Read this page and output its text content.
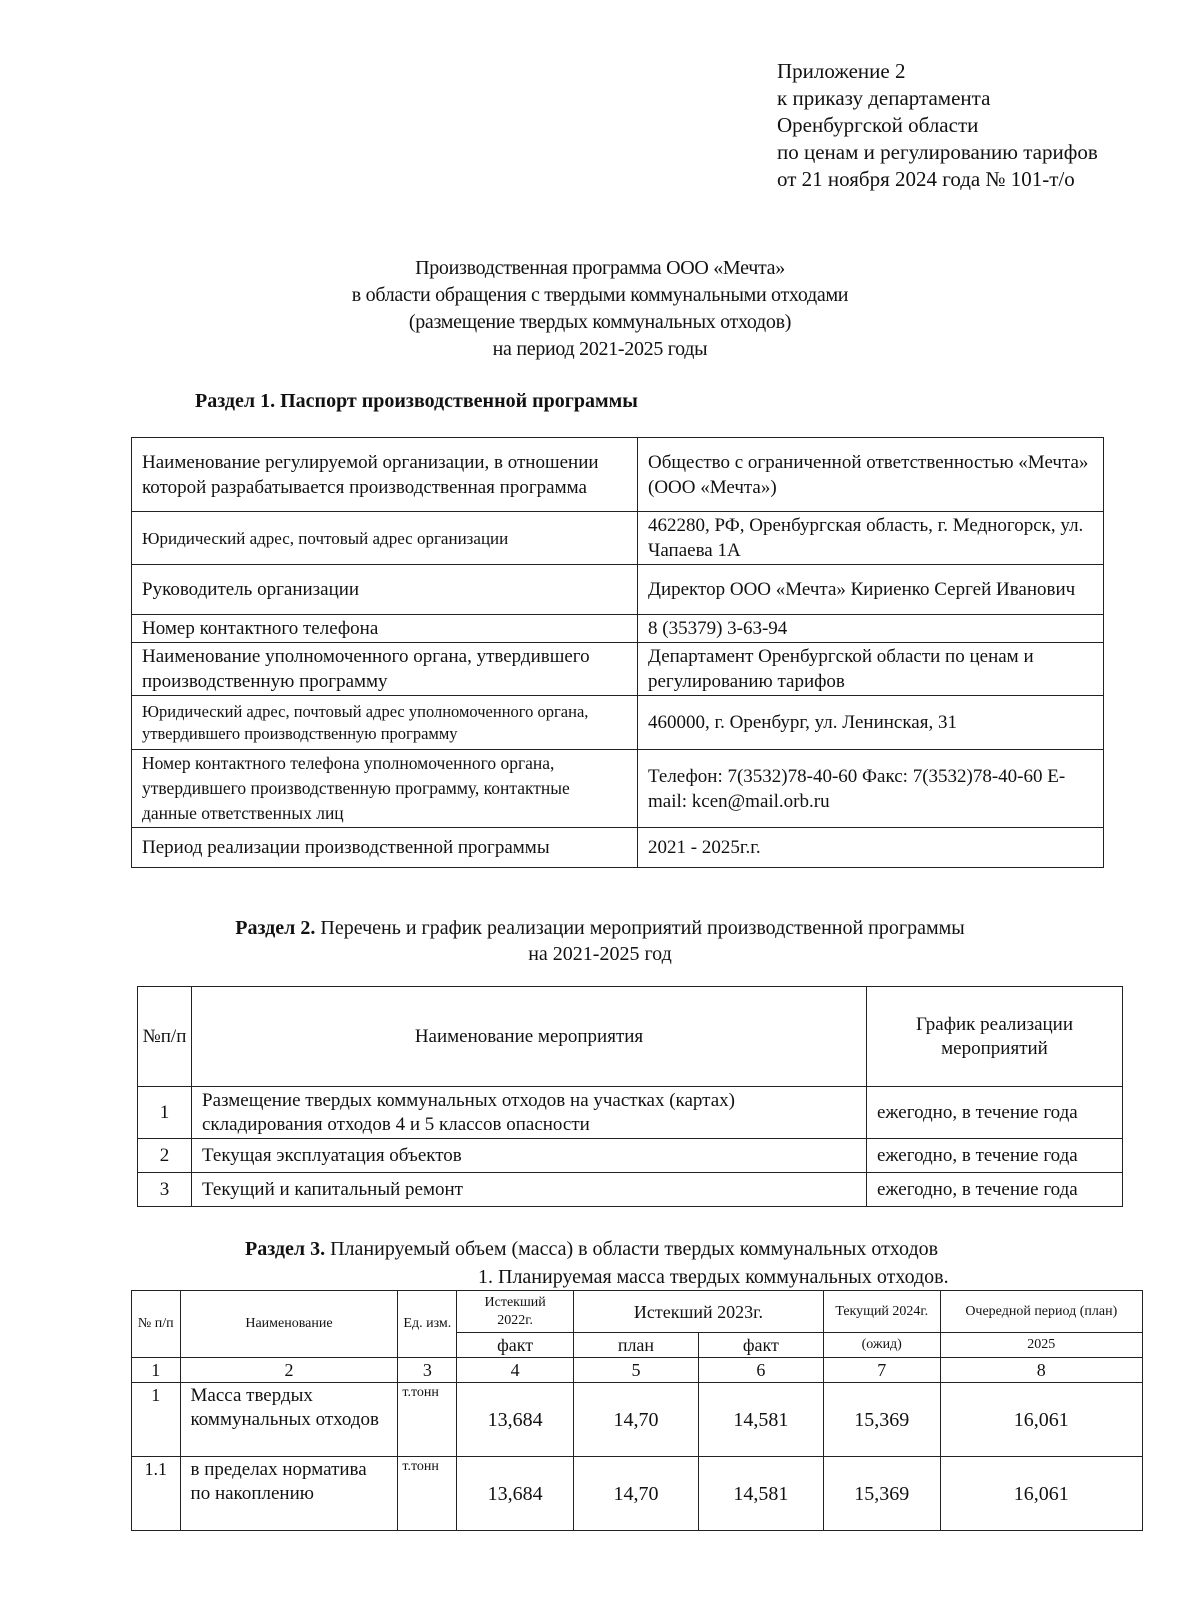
Приложение 2
к приказу департамента
Оренбургской области
по ценам и регулированию тарифов
от 21 ноября 2024 года № 101-т/о
Производственная программа ООО «Мечта»
в области обращения с твердыми коммунальными отходами
(размещение твердых коммунальных отходов)
на период 2021-2025 годы
Раздел 1. Паспорт производственной программы
Наименование регулируемой организации, в отношении которой разрабатывается производственная программа	Общество с ограниченной ответственностью «Мечта» (ООО «Мечта»)
Юридический адрес, почтовый адрес организации	462280, РФ, Оренбургская область, г. Медногорск, ул. Чапаева 1А
Руководитель организации	Директор ООО «Мечта» Кириенко Сергей Иванович
Номер контактного телефона	8 (35379) 3-63-94
Наименование уполномоченного органа, утвердившего производственную программу	Департамент Оренбургской области по ценам и регулированию тарифов
Юридический адрес, почтовый адрес уполномоченного органа, утвердившего производственную программу	460000, г. Оренбург, ул. Ленинская, 31
Номер контактного телефона уполномоченного органа, утвердившего производственную программу, контактные данные ответственных лиц	Телефон: 7(3532)78-40-60 Факс: 7(3532)78-40-60 E-mail: kcen@mail.orb.ru
Период реализации производственной программы	2021 - 2025г.г.
Раздел 2. Перечень и график реализации мероприятий производственной программы
на 2021-2025 год
№п/п	Наименование мероприятия	График реализации мероприятий
1	Размещение твердых коммунальных отходов на участках (картах) складирования отходов 4 и 5 классов опасности	ежегодно, в течение года
2	Текущая эксплуатация объектов	ежегодно, в течение года
3	Текущий и капитальный ремонт	ежегодно, в течение года
Раздел 3. Планируемый объем (масса) в области твердых коммунальных отходов
1. Планируемая масса твердых коммунальных отходов.
№ п/п	Наименование	Ед. изм.	Истекший 2022г.	Истекший 2023г.		Текущий 2024г.	Очередной период (план)
			факт	план	факт	(ожид)	2025
1	2	3	4	5	6	7	8
1	Масса твердых коммунальных отходов	т.тонн	13,684	14,70	14,581	15,369	16,061
1.1	в пределах норматива по накоплению	т.тонн	13,684	14,70	14,581	15,369	16,061
